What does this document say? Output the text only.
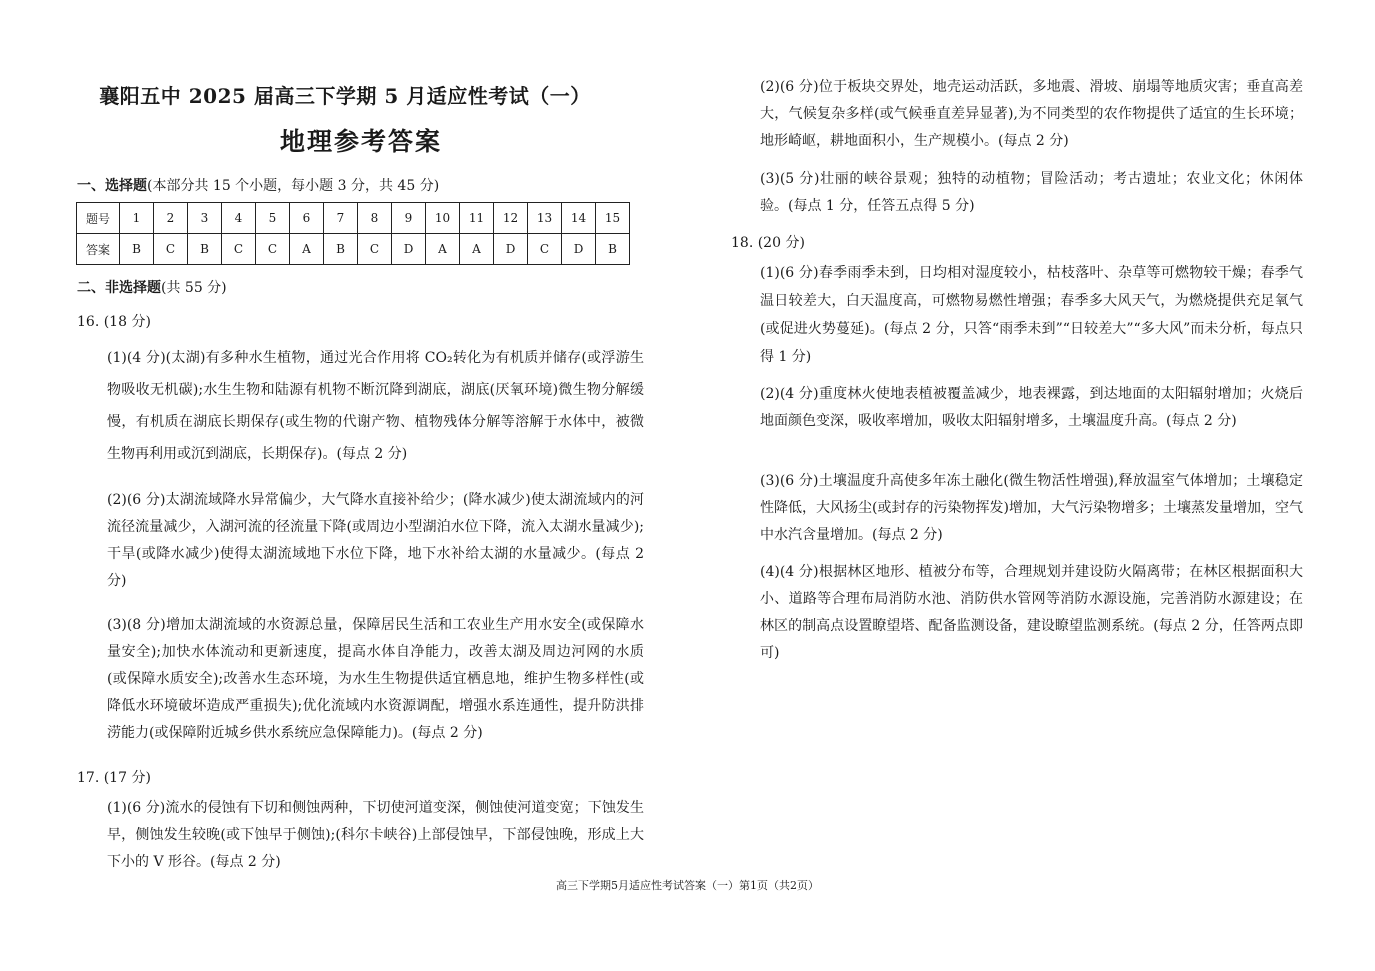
襄阳五中 2025 届高三下学期 5 月适应性考试（一）
地理参考答案
一、选择题(本部分共 15 个小题，每小题 3 分，共 45 分)
题号	1	2	3	4	5	6	7	8	9	10	11	12	13	14	15
答案	B	C	B	C	C	A	B	C	D	A	A	D	C	D	B
二、非选择题(共 55 分)
16. (18 分)
(1)(4 分)(太湖)有多种水生植物，通过光合作用将 CO₂转化为有机质并储存(或浮游生物吸收无机碳);水生生物和陆源有机物不断沉降到湖底，湖底(厌氧环境)微生物分解缓慢，有机质在湖底长期保存(或生物的代谢产物、植物残体分解等溶解于水体中，被微生物再利用或沉到湖底，长期保存)。(每点 2 分)
(2)(6 分)太湖流域降水异常偏少，大气降水直接补给少；(降水减少)使太湖流域内的河流径流量减少，入湖河流的径流量下降(或周边小型湖泊水位下降，流入太湖水量减少);干旱(或降水减少)使得太湖流域地下水位下降，地下水补给太湖的水量减少。(每点 2 分)
(3)(8 分)增加太湖流域的水资源总量，保障居民生活和工农业生产用水安全(或保障水量安全);加快水体流动和更新速度，提高水体自净能力，改善太湖及周边河网的水质　　(或保障水质安全);改善水生态环境，为水生生物提供适宜栖息地，维护生物多样性(或降低水环境破坏造成严重损失);优化流域内水资源调配，增强水系连通性，提升防洪排涝能力(或保障附近城乡供水系统应急保障能力)。(每点 2 分)
17. (17 分)
(1)(6 分)流水的侵蚀有下切和侧蚀两种，下切使河道变深，侧蚀使河道变宽；下蚀发生早，侧蚀发生较晚(或下蚀早于侧蚀);(科尔卡峡谷)上部侵蚀早，下部侵蚀晚，形成上大下小的 V 形谷。(每点 2 分)
(2)(6 分)位于板块交界处，地壳运动活跃，多地震、滑坡、崩塌等地质灾害；垂直高差大，气候复杂多样(或气候垂直差异显著),为不同类型的农作物提供了适宜的生长环境；地形崎岖，耕地面积小，生产规模小。(每点 2 分)
(3)(5 分)壮丽的峡谷景观；独特的动植物；冒险活动；考古遗址；农业文化；休闲体验。(每点 1 分，任答五点得 5 分)
18. (20 分)
(1)(6 分)春季雨季未到，日均相对湿度较小，枯枝落叶、杂草等可燃物较干燥；春季气温日较差大，白天温度高，可燃物易燃性增强；春季多大风天气，为燃烧提供充足氧气(或促进火势蔓延)。(每点 2 分，只答“雨季未到”“日较差大”“多大风”而未分析，每点只得 1 分)
(2)(4 分)重度林火使地表植被覆盖减少，地表裸露，到达地面的太阳辐射增加；火烧后地面颜色变深，吸收率增加，吸收太阳辐射增多，土壤温度升高。(每点 2 分)
(3)(6 分)土壤温度升高使多年冻土融化(微生物活性增强),释放温室气体增加；土壤稳定性降低，大风扬尘(或封存的污染物挥发)增加，大气污染物增多；土壤蒸发量增加，空气中水汽含量增加。(每点 2 分)
(4)(4 分)根据林区地形、植被分布等，合理规划并建设防火隔离带；在林区根据面积大小、道路等合理布局消防水池、消防供水管网等消防水源设施，完善消防水源建设；在林区的制高点设置瞭望塔、配备监测设备，建设瞭望监测系统。(每点 2 分，任答两点即可)
高三下学期5月适应性考试答案（一）第1页（共2页）
